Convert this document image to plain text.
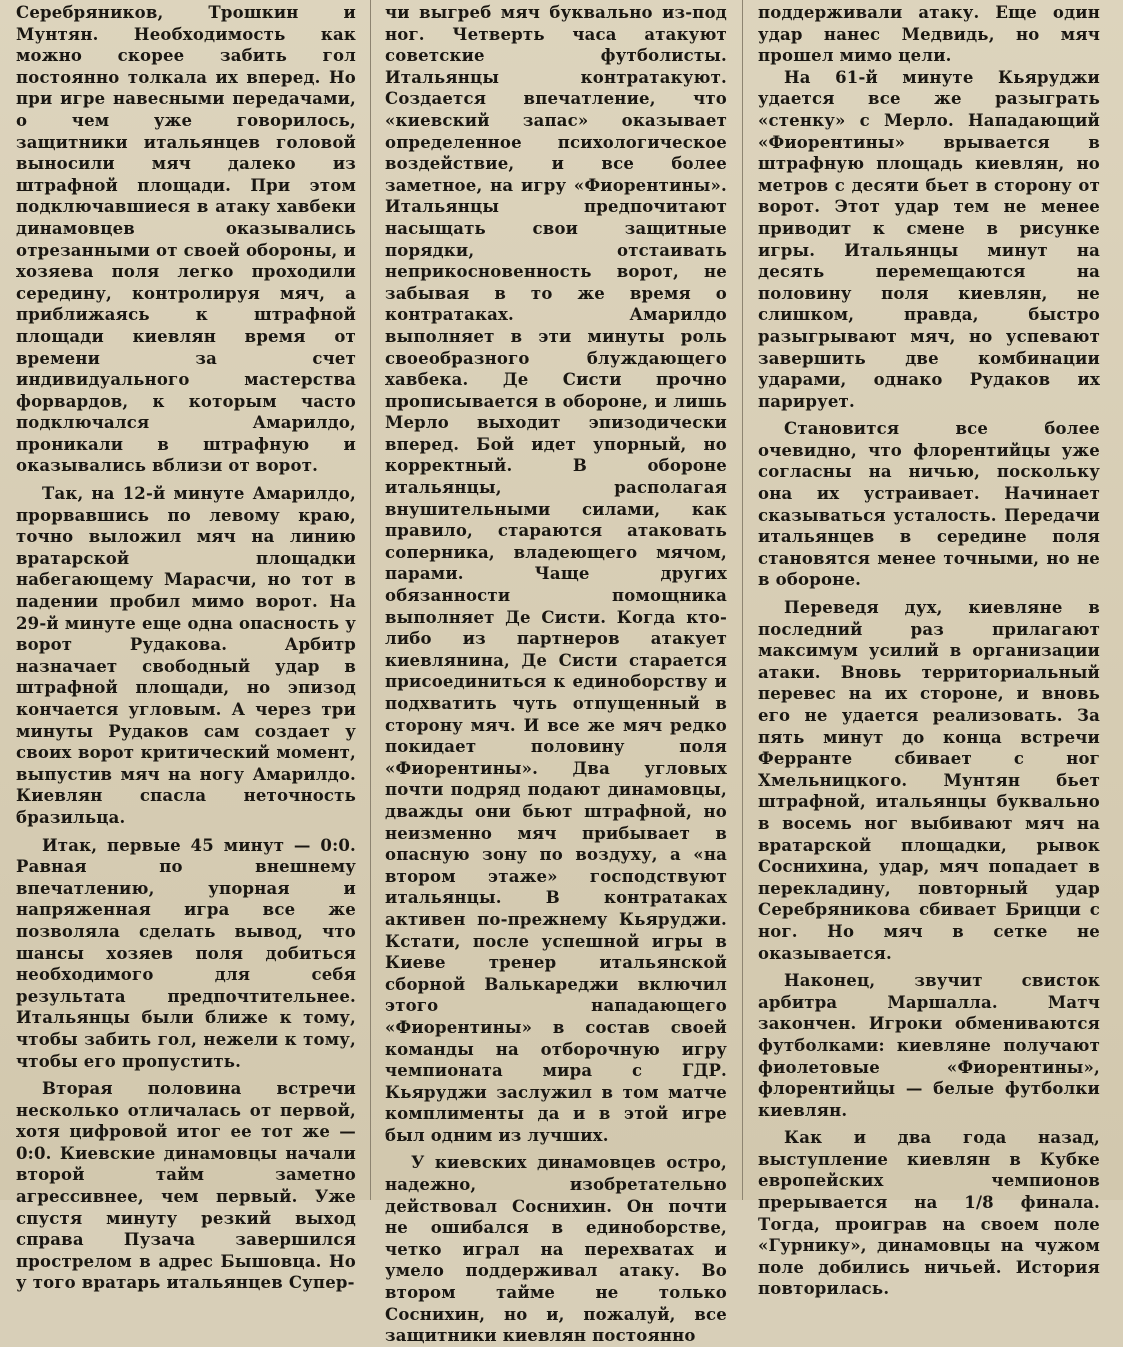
Серебряников, Трошкин и Мунтян. Необходимость как можно скорее забить гол постоянно толкала их вперед. Но при игре навесными передачами, о чем уже говорилось, защитники итальянцев головой выносили мяч далеко из штрафной площади. При этом подключавшиеся в атаку хавбеки динамовцев оказывались отрезанными от своей обороны, и хозяева поля легко проходили середину, контролируя мяч, а приближаясь к штрафной площади киевлян время от времени за счет индивидуального мастерства форвардов, к которым часто подключался Амарилдо, проникали в штрафную и оказывались вблизи от ворот.

Так, на 12-й минуте Амарилдо, прорвавшись по левому краю, точно выложил мяч на линию вратарской площадки набегающему Марасчи, но тот в падении пробил мимо ворот. На 29-й минуте еще одна опасность у ворот Рудакова. Арбитр назначает свободный удар в штрафной площади, но эпизод кончается угловым. А через три минуты Рудаков сам создает у своих ворот критический момент, выпустив мяч на ногу Амарилдо. Киевлян спасла неточность бразильца.

Итак, первые 45 минут — 0:0. Равная по внешнему впечатлению, упорная и напряженная игра все же позволяла сделать вывод, что шансы хозяев поля добиться необходимого для себя результата предпочтительнее. Итальянцы были ближе к тому, чтобы забить гол, нежели к тому, чтобы его пропустить.

Вторая половина встречи несколько отличалась от первой, хотя цифровой итог ее тот же — 0:0. Киевские динамовцы начали второй тайм заметно агрессивнее, чем первый. Уже спустя минуту резкий выход справа Пузача завершился прострелом в адрес Бышовца. Но у того вратарь итальянцев Супер-

чи выгреб мяч буквально из-под ног. Четверть часа атакуют советские футболисты. Итальянцы контратакуют. Создается впечатление, что «киевский запас» оказывает определенное психологическое воздействие, и все более заметное, на игру «Фиорентины». Итальянцы предпочитают насыщать свои защитные порядки, отстаивать неприкосновенность ворот, не забывая в то же время о контратаках. Амарилдо выполняет в эти минуты роль своеобразного блуждающего хавбека. Де Систи прочно прописывается в обороне, и лишь Мерло выходит эпизодически вперед. Бой идет упорный, но корректный. В обороне итальянцы, располагая внушительными силами, как правило, стараются атаковать соперника, владеющего мячом, парами. Чаще других обязанности помощника выполняет Де Систи. Когда кто-либо из партнеров атакует киевлянина, Де Систи старается присоединиться к единоборству и подхватить чуть отпущенный в сторону мяч. И все же мяч редко покидает половину поля «Фиорентины». Два угловых почти подряд подают динамовцы, дважды они бьют штрафной, но неизменно мяч прибывает в опасную зону по воздуху, а «на втором этаже» господствуют итальянцы. В контратаках активен по-прежнему Кьяруджи. Кстати, после успешной игры в Киеве тренер итальянской сборной Валькареджи включил этого нападающего «Фиорентины» в состав своей команды на отборочную игру чемпионата мира с ГДР. Кьяруджи заслужил в том матче комплименты да и в этой игре был одним из лучших.

У киевских динамовцев остро, надежно, изобретательно действовал Соснихин. Он почти не ошибался в единоборстве, четко играл на перехватах и умело поддерживал атаку. Во втором тайме не только Соснихин, но и, пожалуй, все защитники киевлян постоянно

поддерживали атаку. Еще один удар нанес Медвидь, но мяч прошел мимо цели.

На 61-й минуте Кьяруджи удается все же разыграть «стенку» с Мерло. Нападающий «Фиорентины» врывается в штрафную площадь киевлян, но метров с десяти бьет в сторону от ворот. Этот удар тем не менее приводит к смене в рисунке игры. Итальянцы минут на десять перемещаются на половину поля киевлян, не слишком, правда, быстро разыгрывают мяч, но успевают завершить две комбинации ударами, однако Рудаков их парирует.

Становится все более очевидно, что флорентийцы уже согласны на ничью, поскольку она их устраивает. Начинает сказываться усталость. Передачи итальянцев в середине поля становятся менее точными, но не в обороне.

Переведя дух, киевляне в последний раз прилагают максимум усилий в организации атаки. Вновь территориальный перевес на их стороне, и вновь его не удается реализовать. За пять минут до конца встречи Ферранте сбивает с ног Хмельницкого. Мунтян бьет штрафной, итальянцы буквально в восемь ног выбивают мяч на вратарской площадки, рывок Соснихина, удар, мяч попадает в перекладину, повторный удар Серебряникова сбивает Брицци с ног. Но мяч в сетке не оказывается.

Наконец, звучит свисток арбитра Маршалла. Матч закончен. Игроки обмениваются футболками: киевляне получают фиолетовые «Фиорентины», флорентийцы — белые футболки киевлян.

Как и два года назад, выступление киевлян в Кубке европейских чемпионов прерывается на 1/8 финала. Тогда, проиграв на своем поле «Гурнику», динамовцы на чужом поле добились ничьей. История повторилась.
